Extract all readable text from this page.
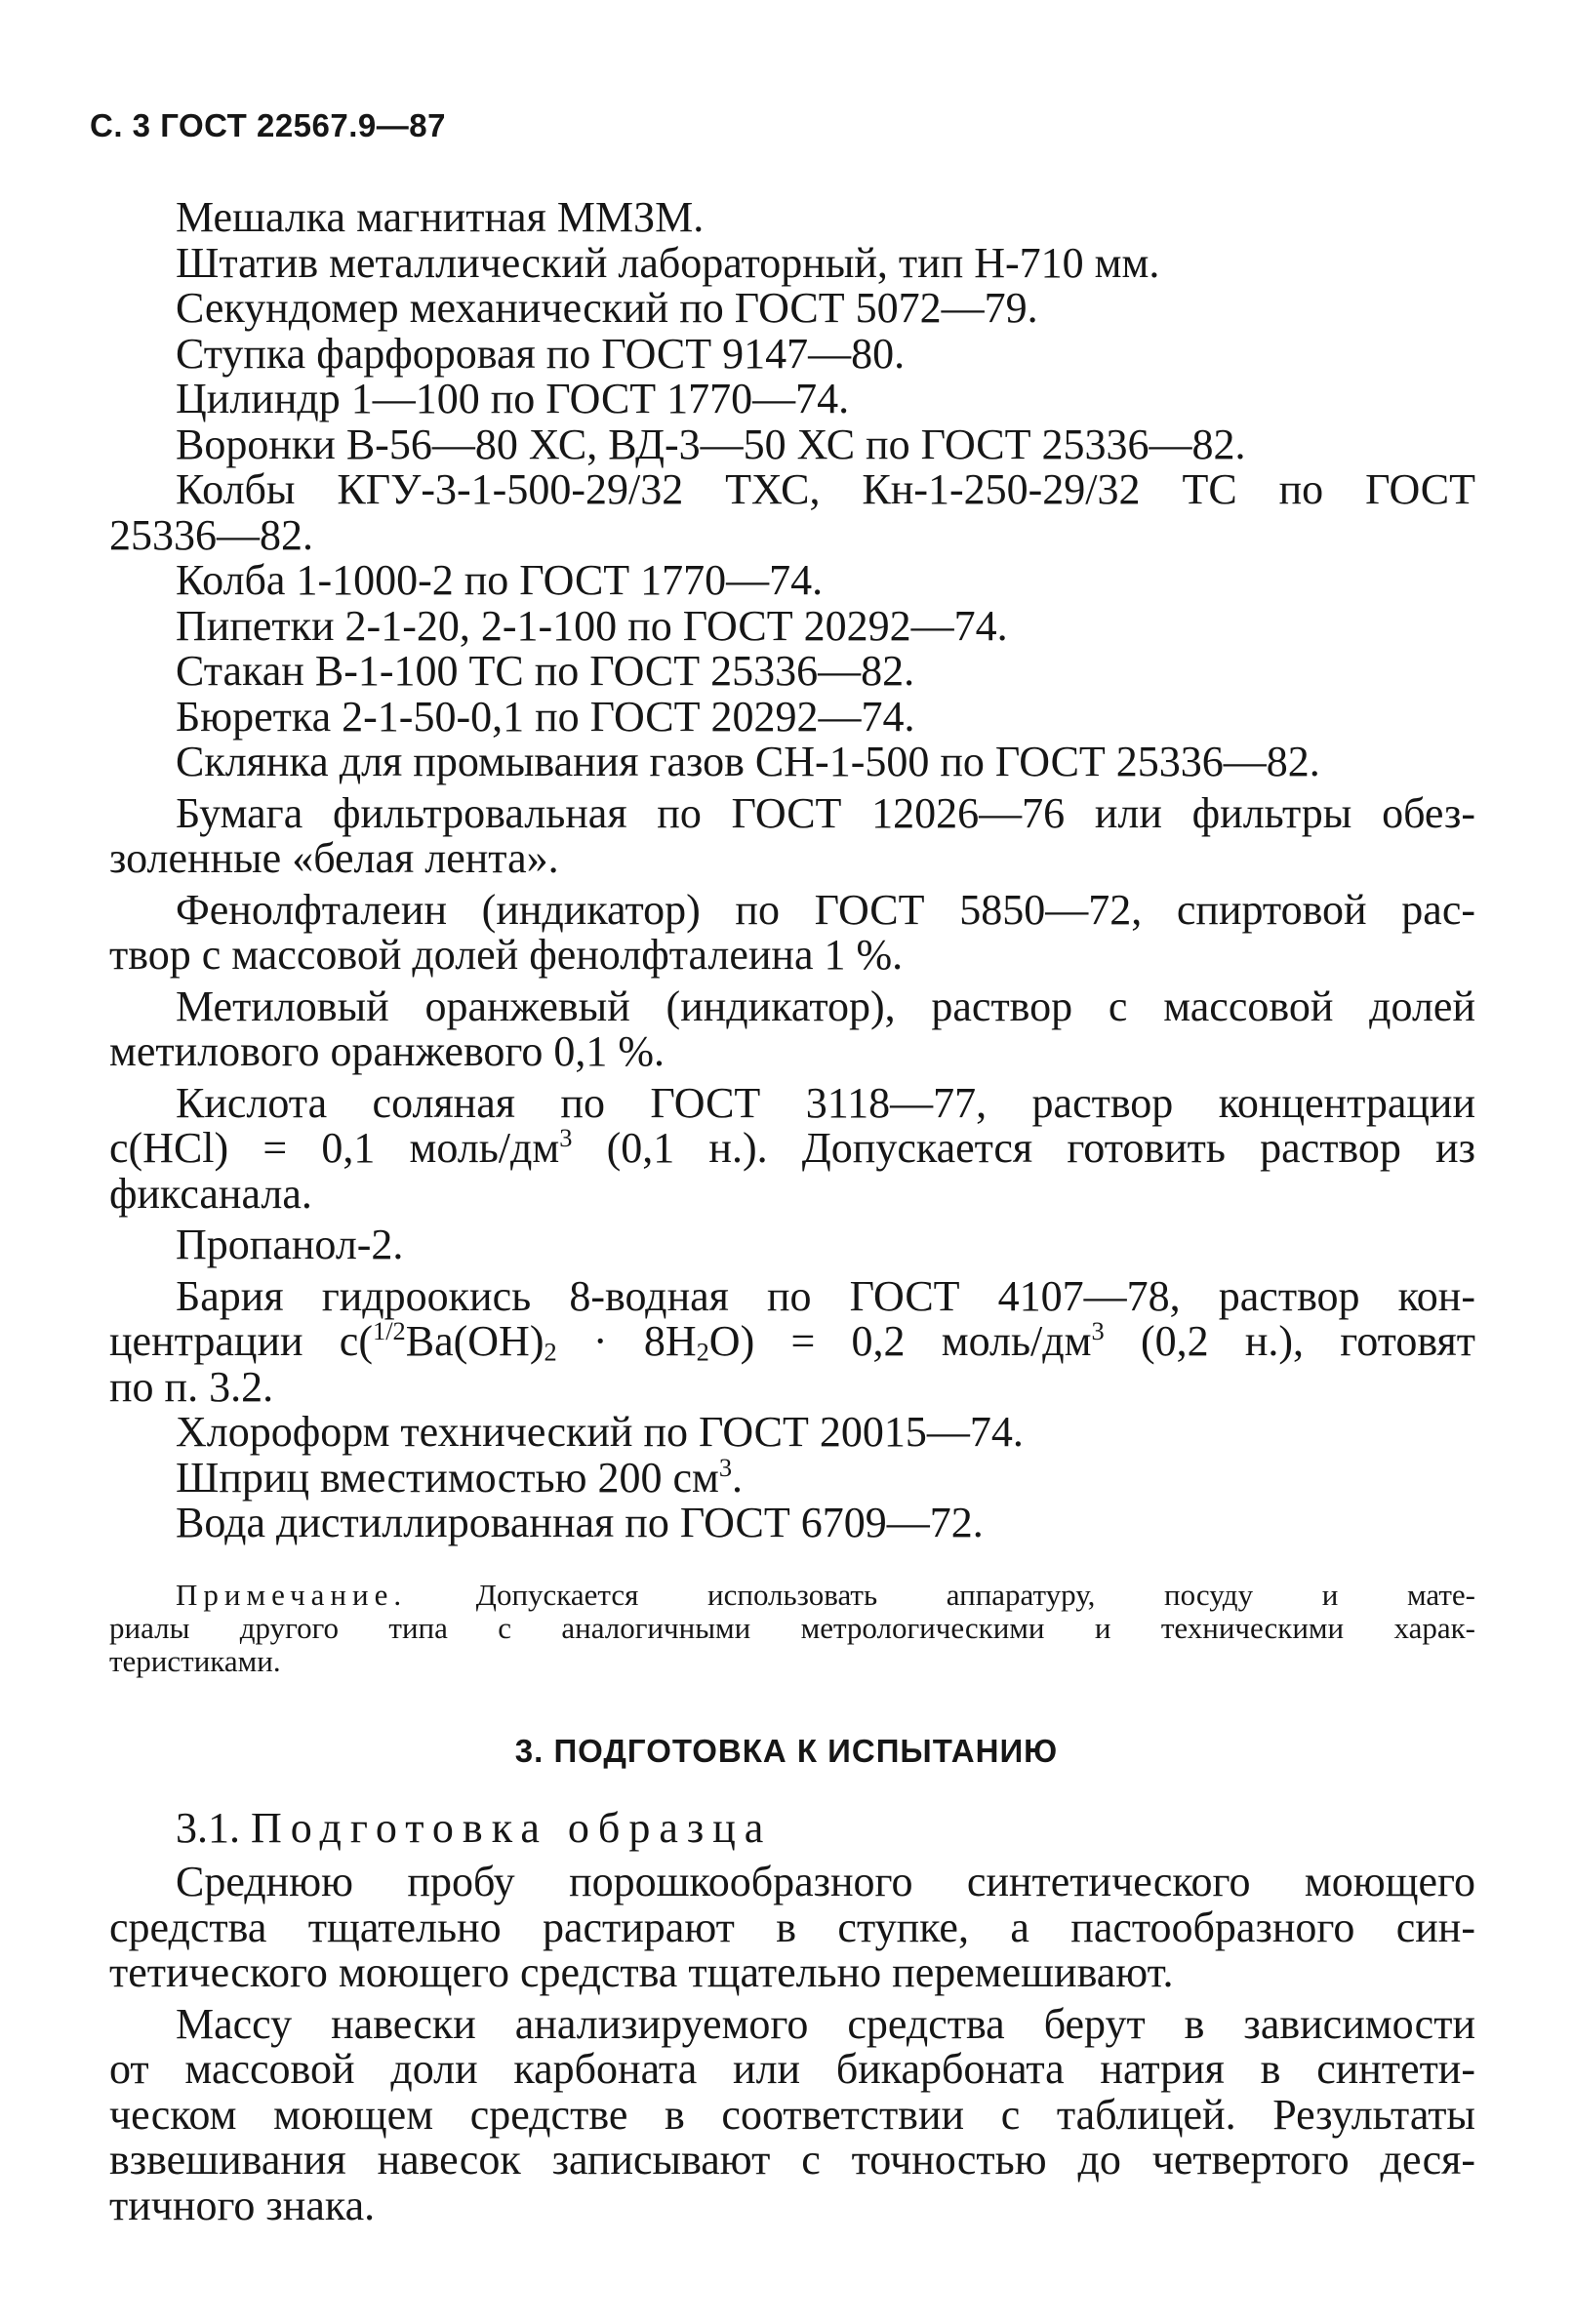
С. 3 ГОСТ 22567.9—87
Мешалка магнитная ММЗМ.
Штатив металлический лабораторный, тип Н-710 мм.
Секундомер механический по ГОСТ 5072—79.
Ступка фарфоровая по ГОСТ 9147—80.
Цилиндр 1—100 по ГОСТ 1770—74.
Воронки В-56—80 ХС, ВД-3—50 ХС по ГОСТ 25336—82.
Колбы КГУ-3-1-500-29/32 ТХС, Кн-1-250-29/32 ТС по ГОСТ
25336—82.
Колба 1-1000-2 по ГОСТ 1770—74.
Пипетки 2-1-20, 2-1-100 по ГОСТ 20292—74.
Стакан В-1-100 ТС по ГОСТ 25336—82.
Бюретка 2-1-50-0,1 по ГОСТ 20292—74.
Склянка для промывания газов СН-1-500 по ГОСТ 25336—82.
Бумага фильтровальная по ГОСТ 12026—76 или фильтры обез-
золенные «белая лента».
Фенолфталеин (индикатор) по ГОСТ 5850—72, спиртовой рас-
твор с массовой долей фенолфталеина 1 %.
Метиловый оранжевый (индикатор), раствор с массовой долей
метилового оранжевого 0,1 %.
Кислота соляная по ГОСТ 3118—77, раствор концентрации
c(HCl) = 0,1 моль/$дм^3$ (0,1 н.). Допускается готовить раствор из
фиксанала.
Пропанол-2.
Бария гидроокись 8-водная по ГОСТ 4107—78, раствор кон-
центрации $c(^{1/2}Ba(OH)_2 \cdot 8H_2O) = 0,2$ моль/$дм^3$ (0,2 н.), готовят
по п. 3.2.
Хлороформ технический по ГОСТ 20015—74.
Шприц вместимостью 200 $см^3$.
Вода дистиллированная по ГОСТ 6709—72.
Примечание. Допускается использовать аппаратуру, посуду и мате-
риалы другого типа с аналогичными метрологическими и техническими харак-
теристиками.
3. ПОДГОТОВКА К ИСПЫТАНИЮ
3.1. Подготовка образца
Среднюю пробу порошкообразного синтетического моющего
средства тщательно растирают в ступке, а пастообразного син-
тетического моющего средства тщательно перемешивают.
Массу навески анализируемого средства берут в зависимости
от массовой доли карбоната или бикарбоната натрия в синтети-
ческом моющем средстве в соответствии с таблицей. Результаты
взвешивания навесок записывают с точностью до четвертого деся-
тичного знака.
